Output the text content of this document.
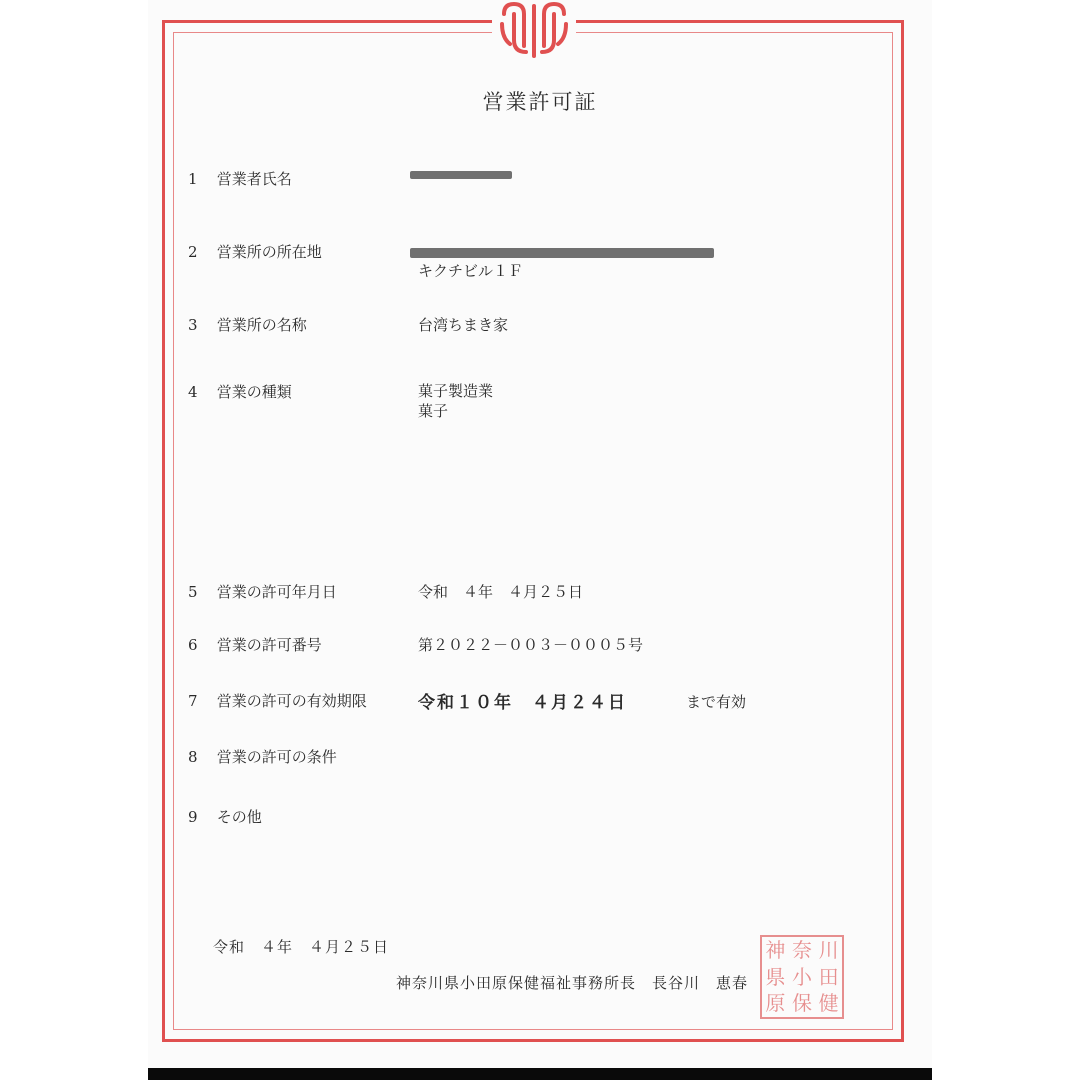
営業許可証
1 営業者氏名
2 営業所の所在地
3 営業所の名称
4 営業の種類
5 営業の許可年月日
6 営業の許可番号
7 営業の許可の有効期限
8 営業の許可の条件
9 その他
キクチビル１Ｆ
台湾ちまき家
菓子製造業
菓子
令和　４年　４月２５日
第２０２２－００３－０００５号
令和１０年　４月２４日	まで有効
令和　４年　４月２５日
神奈川県小田原保健福祉事務所長　長谷川　恵春
神 奈 川
県 小 田
原 保 健
